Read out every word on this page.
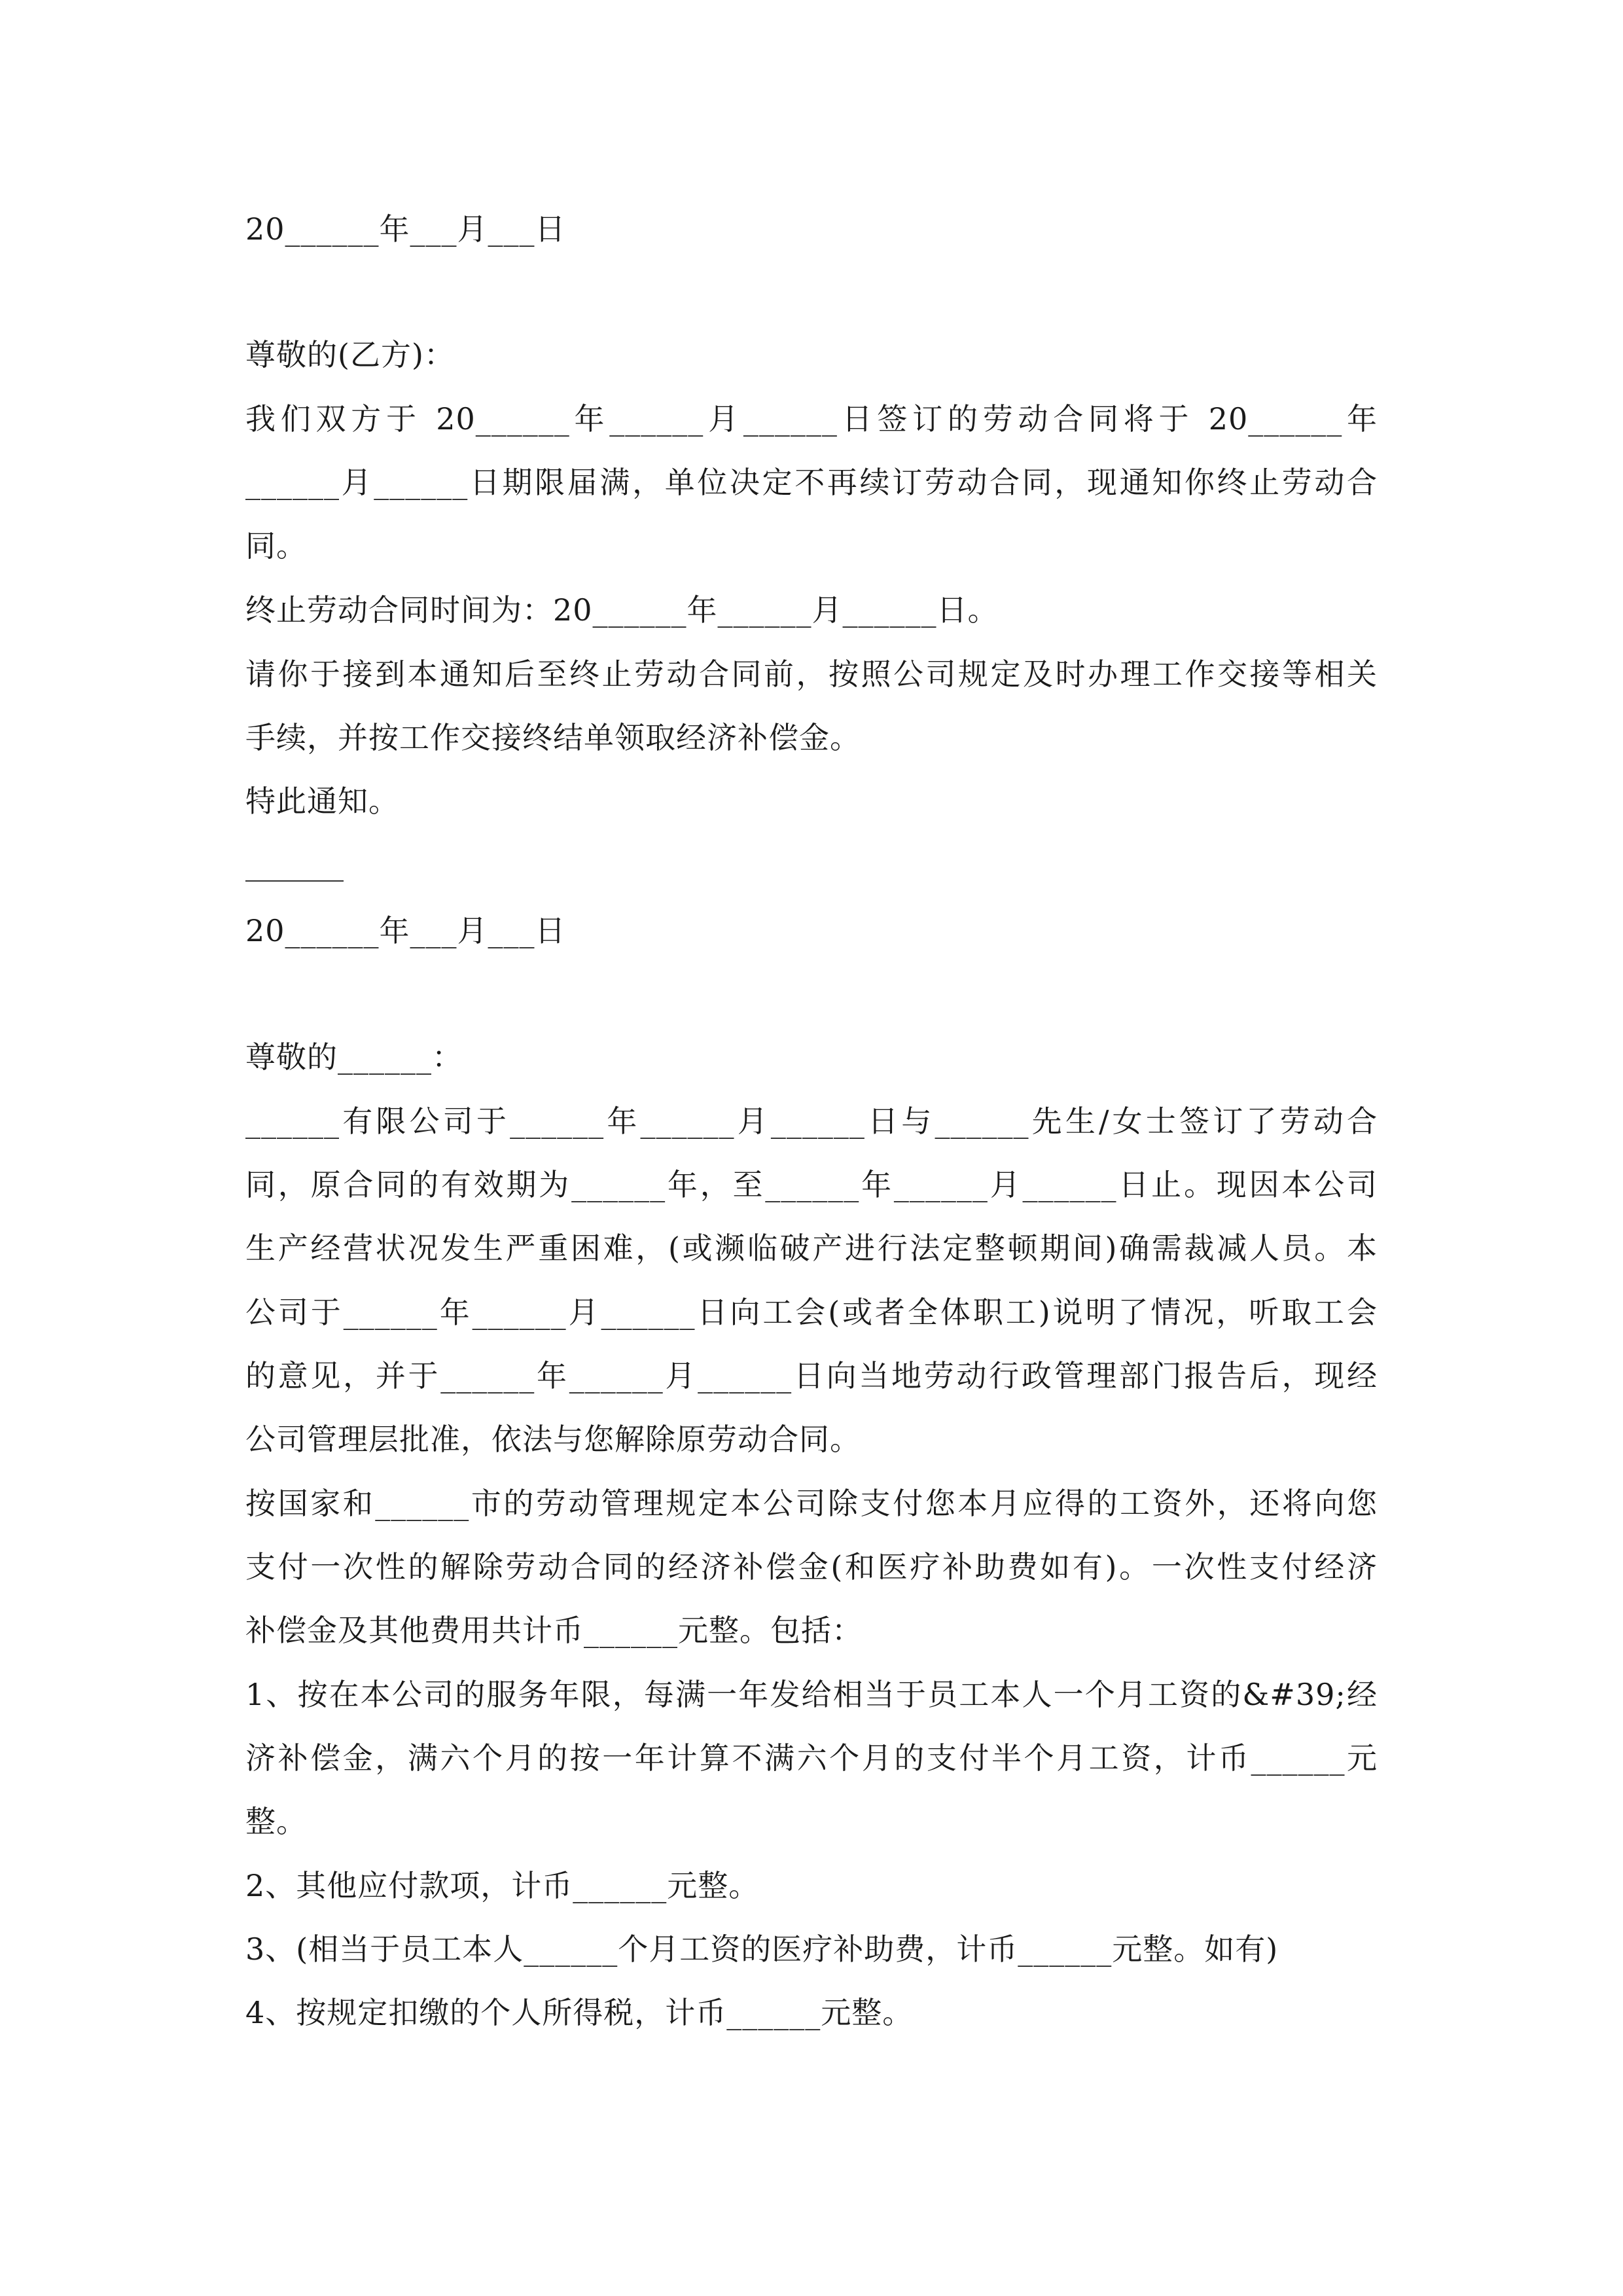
20______年___月___日
尊敬的(乙方)：
我们双方于 20______年______月______日签订的劳动合同将于 20______年
______月______日期限届满，单位决定不再续订劳动合同，现通知你终止劳动合
同。
终止劳动合同时间为：20______年______月______日。
请你于接到本通知后至终止劳动合同前，按照公司规定及时办理工作交接等相关
手续，并按工作交接终结单领取经济补偿金。
特此通知。
20______年___月___日
尊敬的______：
______有限公司于______年______月______日与______先生/女士签订了劳动合
同，原合同的有效期为______年，至______年______月______日止。现因本公司
生产经营状况发生严重困难，(或濒临破产进行法定整顿期间)确需裁减人员。本
公司于______年______月______日向工会(或者全体职工)说明了情况，听取工会
的意见，并于______年______月______日向当地劳动行政管理部门报告后，现经
公司管理层批准，依法与您解除原劳动合同。
按国家和______市的劳动管理规定本公司除支付您本月应得的工资外，还将向您
支付一次性的解除劳动合同的经济补偿金(和医疗补助费如有)。一次性支付经济
补偿金及其他费用共计币______元整。包括：
1、按在本公司的服务年限，每满一年发给相当于员工本人一个月工资的&#39;经
济补偿金，满六个月的按一年计算不满六个月的支付半个月工资，计币______元
整。
2、其他应付款项，计币______元整。
3、(相当于员工本人______个月工资的医疗补助费，计币______元整。如有)
4、按规定扣缴的个人所得税，计币______元整。
